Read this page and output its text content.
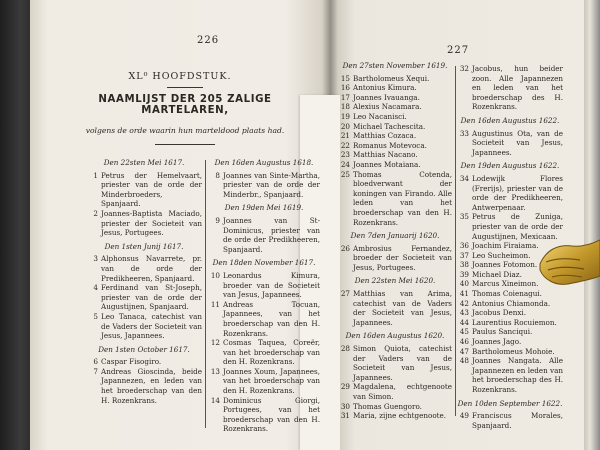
226
XL⁰ HOOFDSTUK.
NAAMLIJST DER 205 ZALIGE MARTELAREN,
volgens de orde waarin hun marteldood plaats had.
Den 22sten Mei 1617.
1 Petrus der Hemelvaart, priester van de orde der Minderbroeders, Spanjaard.
2 Joannes-Baptista Maciado, priester der Societeit van Jesus, Portugees.
Den 1sten Junij 1617.
3 Alphonsus Navarrete, pr. van de orde der Predikheeren, Spanjaard.
4 Ferdinand van St-Joseph, priester van de orde der Augustijnen, Spanjaard.
5 Leo Tanaca, catechist van de Vaders der Societeit van Jesus, Japannees.
Den 1sten October 1617.
6 Caspar Fisogiro.
7 Andreas Gioscinda, beide Japannezen, en leden van het broederschap van den H. Rozenkrans.
Den 16den Augustus 1618.
8 Joannes van Sinte-Martha, priester van de orde der Minderbr., Spanjaard.
Den 19den Mei 1619.
9 Joannes van St-Dominicus, priester van de orde der Predikheeren, Spanjaard.
Den 18den November 1617.
10 Leonardus Kimura, broeder van de Societeit van Jesus, Japannees.
11 Andreas Tocuan, Japannees, van het broederschap van den H. Rozenkrans.
12 Cosmas Taquea, Coreër, van het broederschap van den H. Rozenkrans.
13 Joannes Xoum, Japannees, van het broederschap van den H. Rozenkrans.
14 Dominicus Giorgi, Portugees, van het broederschap van den H. Rozenkrans.
227
Den 27sten November 1619.
15 Bartholomeus Xequi.
16 Antonius Kimura.
17 Joannes Ivauanga.
18 Alexius Nacamara.
19 Leo Nacanisci.
20 Michael Tachescita.
21 Matthias Cozaca.
22 Romanus Motevoca.
23 Matthias Nacano.
24 Joannes Motaiana.
25 Thomas Cotenda, bloedverwant der koningen van Firando. Alle leden van het broederschap van den H. Rozenkrans.
Den 7den Januarij 1620.
26 Ambrosius Fernandez, broeder der Societeit van Jesus, Portugees.
Den 22sten Mei 1620.
27 Matthias van Arima, catechist van de Vaders der Societeit van Jesus, Japannees.
Den 16den Augustus 1620.
28 Simon Quiota, catechist der Vaders van de Societeit van Jesus, Japannees.
29 Magdalena, echtgenoote van Simon.
30 Thomas Guengoro.
31 Maria, zijne echtgenoote.
32 Jacobus, hun beider zoon. Alle Japannezen en leden van het broederschap des H. Rozenkrans.
Den 16den Augustus 1622.
33 Augustinus Ota, van de Societeit van Jesus, Japannees.
Den 19den Augustus 1622.
34 Lodewijk Flores (Frerijs), priester van de orde der Predikheeren, Antwerpenaar.
35 Petrus de Zuniga, priester van de orde der Augustijnen, Mexicaan.
36 Joachim Firaiama.
37 Leo Sucheimon.
38 Joannes Fotomon.
39 Michael Diaz.
40 Marcus Xineimon.
41 Thomas Coienagui.
42 Antonius Chiamonda.
43 Jacobus Denxi.
44 Laurentius Rocuiemon.
45 Paulus Sanciqui.
46 Joannes Jago.
47 Bartholomeus Mohoie.
48 Joannes Nangata. Alle Japannezen en leden van het broederschap des H. Rozenkrans.
Den 10den September 1622.
49 Franciscus Morales, Spanjaard.
